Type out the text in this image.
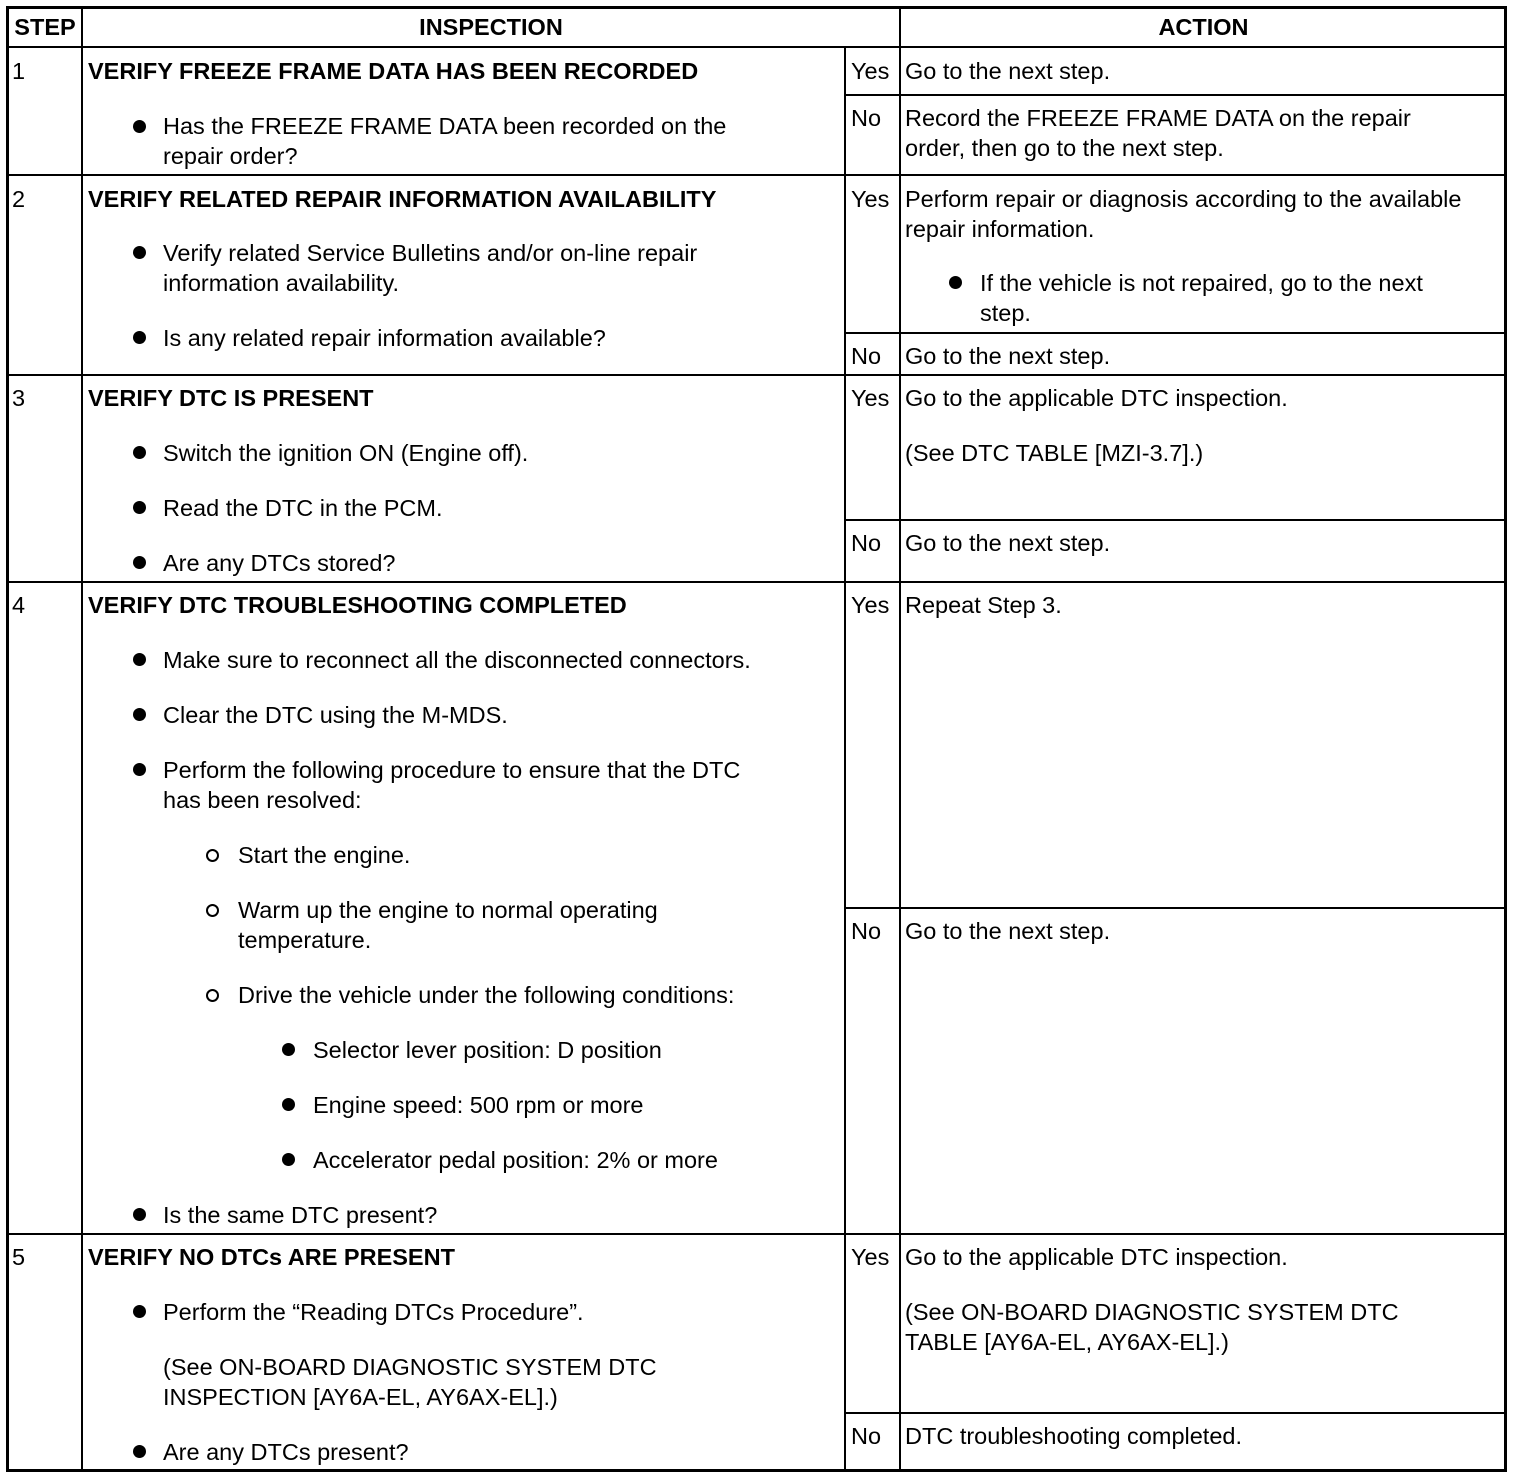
STEP	INSPECTION	ACTION
1	VERIFY FREEZE FRAME DATA HAS BEEN RECORDED
Has the FREEZE FRAME DATA been recorded on the
repair order?
Yes Go to the next step.
No Record the FREEZE FRAME DATA on the repair
order, then go to the next step.
2	VERIFY RELATED REPAIR INFORMATION AVAILABILITY
Verify related Service Bulletins and/or on-line repair
information availability.
Is any related repair information available?
Yes Perform repair or diagnosis according to the available
repair information.
If the vehicle is not repaired, go to the next
step.
No Go to the next step.
3	VERIFY DTC IS PRESENT
Switch the ignition ON (Engine off).
Read the DTC in the PCM.
Are any DTCs stored?
Yes Go to the applicable DTC inspection.
(See DTC TABLE [MZI-3.7].)
No Go to the next step.
4	VERIFY DTC TROUBLESHOOTING COMPLETED
Make sure to reconnect all the disconnected connectors.
Clear the DTC using the M-MDS.
Perform the following procedure to ensure that the DTC
has been resolved:
Start the engine.
Warm up the engine to normal operating
temperature.
Drive the vehicle under the following conditions:
Selector lever position: D position
Engine speed: 500 rpm or more
Accelerator pedal position: 2% or more
Is the same DTC present?
Yes Repeat Step 3.
No Go to the next step.
5	VERIFY NO DTCs ARE PRESENT
Perform the “Reading DTCs Procedure”.
(See ON-BOARD DIAGNOSTIC SYSTEM DTC
INSPECTION [AY6A-EL, AY6AX-EL].)
Are any DTCs present?
Yes Go to the applicable DTC inspection.
(See ON-BOARD DIAGNOSTIC SYSTEM DTC
TABLE [AY6A-EL, AY6AX-EL].)
No DTC troubleshooting completed.
